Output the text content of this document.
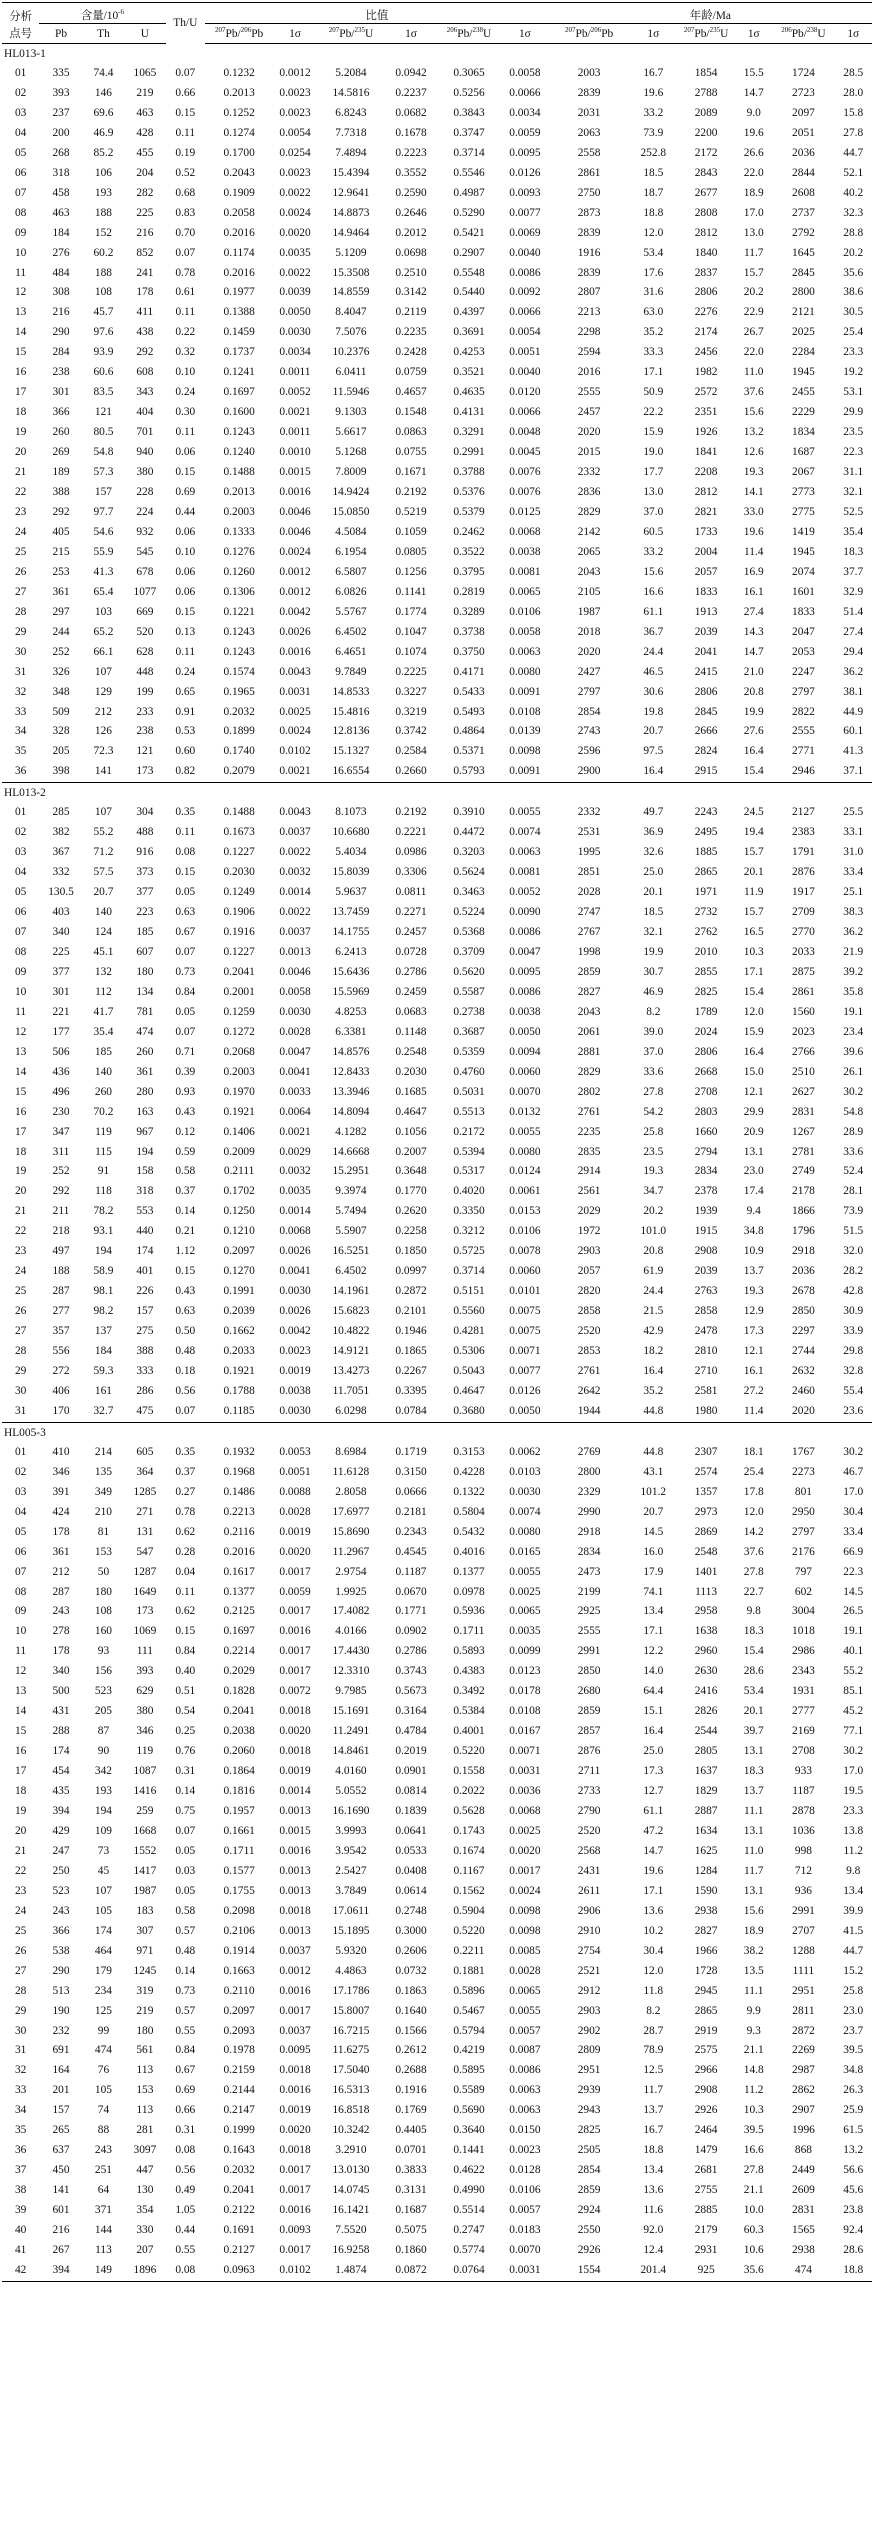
分析	含量$/10^{-6}$			Th/U	比值						年龄/Ma					
点号	Pb	Th	U		$^{207}$Pb/$^{206}$Pb	1σ	$^{207}$Pb/$^{235}$U	1σ	$^{206}$Pb/$^{238}$U	1σ	$^{207}$Pb/$^{206}$Pb	1σ	$^{207}$Pb/$^{235}$U	1σ	$^{206}$Pb/$^{238}$U	1σ
HL013-1																
01	335	74.4	1065	0.07	0.1232	0.0012	5.2084	0.0942	0.3065	0.0058	2003	16.7	1854	15.5	1724	28.5
02	393	146	219	0.66	0.2013	0.0023	14.5816	0.2237	0.5256	0.0066	2839	19.6	2788	14.7	2723	28.0
03	237	69.6	463	0.15	0.1252	0.0023	6.8243	0.0682	0.3843	0.0034	2031	33.2	2089	9.0	2097	15.8
04	200	46.9	428	0.11	0.1274	0.0054	7.7318	0.1678	0.3747	0.0059	2063	73.9	2200	19.6	2051	27.8
05	268	85.2	455	0.19	0.1700	0.0254	7.4894	0.2223	0.3714	0.0095	2558	252.8	2172	26.6	2036	44.7
06	318	106	204	0.52	0.2043	0.0023	15.4394	0.3552	0.5546	0.0126	2861	18.5	2843	22.0	2844	52.1
07	458	193	282	0.68	0.1909	0.0022	12.9641	0.2590	0.4987	0.0093	2750	18.7	2677	18.9	2608	40.2
08	463	188	225	0.83	0.2058	0.0024	14.8873	0.2646	0.5290	0.0077	2873	18.8	2808	17.0	2737	32.3
09	184	152	216	0.70	0.2016	0.0020	14.9464	0.2012	0.5421	0.0069	2839	12.0	2812	13.0	2792	28.8
10	276	60.2	852	0.07	0.1174	0.0035	5.1209	0.0698	0.2907	0.0040	1916	53.4	1840	11.7	1645	20.2
11	484	188	241	0.78	0.2016	0.0022	15.3508	0.2510	0.5548	0.0086	2839	17.6	2837	15.7	2845	35.6
12	308	108	178	0.61	0.1977	0.0039	14.8559	0.3142	0.5440	0.0092	2807	31.6	2806	20.2	2800	38.6
13	216	45.7	411	0.11	0.1388	0.0050	8.4047	0.2119	0.4397	0.0066	2213	63.0	2276	22.9	2121	30.5
14	290	97.6	438	0.22	0.1459	0.0030	7.5076	0.2235	0.3691	0.0054	2298	35.2	2174	26.7	2025	25.4
15	284	93.9	292	0.32	0.1737	0.0034	10.2376	0.2428	0.4253	0.0051	2594	33.3	2456	22.0	2284	23.3
16	238	60.6	608	0.10	0.1241	0.0011	6.0411	0.0759	0.3521	0.0040	2016	17.1	1982	11.0	1945	19.2
17	301	83.5	343	0.24	0.1697	0.0052	11.5946	0.4657	0.4635	0.0120	2555	50.9	2572	37.6	2455	53.1
18	366	121	404	0.30	0.1600	0.0021	9.1303	0.1548	0.4131	0.0066	2457	22.2	2351	15.6	2229	29.9
19	260	80.5	701	0.11	0.1243	0.0011	5.6617	0.0863	0.3291	0.0048	2020	15.9	1926	13.2	1834	23.5
20	269	54.8	940	0.06	0.1240	0.0010	5.1268	0.0755	0.2991	0.0045	2015	19.0	1841	12.6	1687	22.3
21	189	57.3	380	0.15	0.1488	0.0015	7.8009	0.1671	0.3788	0.0076	2332	17.7	2208	19.3	2067	31.1
22	388	157	228	0.69	0.2013	0.0016	14.9424	0.2192	0.5376	0.0076	2836	13.0	2812	14.1	2773	32.1
23	292	97.7	224	0.44	0.2003	0.0046	15.0850	0.5219	0.5379	0.0125	2829	37.0	2821	33.0	2775	52.5
24	405	54.6	932	0.06	0.1333	0.0046	4.5084	0.1059	0.2462	0.0068	2142	60.5	1733	19.6	1419	35.4
25	215	55.9	545	0.10	0.1276	0.0024	6.1954	0.0805	0.3522	0.0038	2065	33.2	2004	11.4	1945	18.3
26	253	41.3	678	0.06	0.1260	0.0012	6.5807	0.1256	0.3795	0.0081	2043	15.6	2057	16.9	2074	37.7
27	361	65.4	1077	0.06	0.1306	0.0012	6.0826	0.1141	0.2819	0.0065	2105	16.6	1833	16.1	1601	32.9
28	297	103	669	0.15	0.1221	0.0042	5.5767	0.1774	0.3289	0.0106	1987	61.1	1913	27.4	1833	51.4
29	244	65.2	520	0.13	0.1243	0.0026	6.4502	0.1047	0.3738	0.0058	2018	36.7	2039	14.3	2047	27.4
30	252	66.1	628	0.11	0.1243	0.0016	6.4651	0.1074	0.3750	0.0063	2020	24.4	2041	14.7	2053	29.4
31	326	107	448	0.24	0.1574	0.0043	9.7849	0.2225	0.4171	0.0080	2427	46.5	2415	21.0	2247	36.2
32	348	129	199	0.65	0.1965	0.0031	14.8533	0.3227	0.5433	0.0091	2797	30.6	2806	20.8	2797	38.1
33	509	212	233	0.91	0.2032	0.0025	15.4816	0.3219	0.5493	0.0108	2854	19.8	2845	19.9	2822	44.9
34	328	126	238	0.53	0.1899	0.0024	12.8136	0.3742	0.4864	0.0139	2743	20.7	2666	27.6	2555	60.1
35	205	72.3	121	0.60	0.1740	0.0102	15.1327	0.2584	0.5371	0.0098	2596	97.5	2824	16.4	2771	41.3
36	398	141	173	0.82	0.2079	0.0021	16.6554	0.2660	0.5793	0.0091	2900	16.4	2915	15.4	2946	37.1
HL013-2																
01	285	107	304	0.35	0.1488	0.0043	8.1073	0.2192	0.3910	0.0055	2332	49.7	2243	24.5	2127	25.5
02	382	55.2	488	0.11	0.1673	0.0037	10.6680	0.2221	0.4472	0.0074	2531	36.9	2495	19.4	2383	33.1
03	367	71.2	916	0.08	0.1227	0.0022	5.4034	0.0986	0.3203	0.0063	1995	32.6	1885	15.7	1791	31.0
04	332	57.5	373	0.15	0.2030	0.0032	15.8039	0.3306	0.5624	0.0081	2851	25.0	2865	20.1	2876	33.4
05	130.5	20.7	377	0.05	0.1249	0.0014	5.9637	0.0811	0.3463	0.0052	2028	20.1	1971	11.9	1917	25.1
06	403	140	223	0.63	0.1906	0.0022	13.7459	0.2271	0.5224	0.0090	2747	18.5	2732	15.7	2709	38.3
07	340	124	185	0.67	0.1916	0.0037	14.1755	0.2457	0.5368	0.0086	2767	32.1	2762	16.5	2770	36.2
08	225	45.1	607	0.07	0.1227	0.0013	6.2413	0.0728	0.3709	0.0047	1998	19.9	2010	10.3	2033	21.9
09	377	132	180	0.73	0.2041	0.0046	15.6436	0.2786	0.5620	0.0095	2859	30.7	2855	17.1	2875	39.2
10	301	112	134	0.84	0.2001	0.0058	15.5969	0.2459	0.5587	0.0086	2827	46.9	2825	15.4	2861	35.8
11	221	41.7	781	0.05	0.1259	0.0030	4.8253	0.0683	0.2738	0.0038	2043	8.2	1789	12.0	1560	19.1
12	177	35.4	474	0.07	0.1272	0.0028	6.3381	0.1148	0.3687	0.0050	2061	39.0	2024	15.9	2023	23.4
13	506	185	260	0.71	0.2068	0.0047	14.8576	0.2548	0.5359	0.0094	2881	37.0	2806	16.4	2766	39.6
14	436	140	361	0.39	0.2003	0.0041	12.8433	0.2030	0.4760	0.0060	2829	33.6	2668	15.0	2510	26.1
15	496	260	280	0.93	0.1970	0.0033	13.3946	0.1685	0.5031	0.0070	2802	27.8	2708	12.1	2627	30.2
16	230	70.2	163	0.43	0.1921	0.0064	14.8094	0.4647	0.5513	0.0132	2761	54.2	2803	29.9	2831	54.8
17	347	119	967	0.12	0.1406	0.0021	4.1282	0.1056	0.2172	0.0055	2235	25.8	1660	20.9	1267	28.9
18	311	115	194	0.59	0.2009	0.0029	14.6668	0.2007	0.5394	0.0080	2835	23.5	2794	13.1	2781	33.6
19	252	91	158	0.58	0.2111	0.0032	15.2951	0.3648	0.5317	0.0124	2914	19.3	2834	23.0	2749	52.4
20	292	118	318	0.37	0.1702	0.0035	9.3974	0.1770	0.4020	0.0061	2561	34.7	2378	17.4	2178	28.1
21	211	78.2	553	0.14	0.1250	0.0014	5.7494	0.2620	0.3350	0.0153	2029	20.2	1939	9.4	1866	73.9
22	218	93.1	440	0.21	0.1210	0.0068	5.5907	0.2258	0.3212	0.0106	1972	101.0	1915	34.8	1796	51.5
23	497	194	174	1.12	0.2097	0.0026	16.5251	0.1850	0.5725	0.0078	2903	20.8	2908	10.9	2918	32.0
24	188	58.9	401	0.15	0.1270	0.0041	6.4502	0.0997	0.3714	0.0060	2057	61.9	2039	13.7	2036	28.2
25	287	98.1	226	0.43	0.1991	0.0030	14.1961	0.2872	0.5151	0.0101	2820	24.4	2763	19.3	2678	42.8
26	277	98.2	157	0.63	0.2039	0.0026	15.6823	0.2101	0.5560	0.0075	2858	21.5	2858	12.9	2850	30.9
27	357	137	275	0.50	0.1662	0.0042	10.4822	0.1946	0.4281	0.0075	2520	42.9	2478	17.3	2297	33.9
28	556	184	388	0.48	0.2033	0.0023	14.9121	0.1865	0.5306	0.0071	2853	18.2	2810	12.1	2744	29.8
29	272	59.3	333	0.18	0.1921	0.0019	13.4273	0.2267	0.5043	0.0077	2761	16.4	2710	16.1	2632	32.8
30	406	161	286	0.56	0.1788	0.0038	11.7051	0.3395	0.4647	0.0126	2642	35.2	2581	27.2	2460	55.4
31	170	32.7	475	0.07	0.1185	0.0030	6.0298	0.0784	0.3680	0.0050	1944	44.8	1980	11.4	2020	23.6
HL005-3																
01	410	214	605	0.35	0.1932	0.0053	8.6984	0.1719	0.3153	0.0062	2769	44.8	2307	18.1	1767	30.2
02	346	135	364	0.37	0.1968	0.0051	11.6128	0.3150	0.4228	0.0103	2800	43.1	2574	25.4	2273	46.7
03	391	349	1285	0.27	0.1486	0.0088	2.8058	0.0666	0.1322	0.0030	2329	101.2	1357	17.8	801	17.0
04	424	210	271	0.78	0.2213	0.0028	17.6977	0.2181	0.5804	0.0074	2990	20.7	2973	12.0	2950	30.4
05	178	81	131	0.62	0.2116	0.0019	15.8690	0.2343	0.5432	0.0080	2918	14.5	2869	14.2	2797	33.4
06	361	153	547	0.28	0.2016	0.0020	11.2967	0.4545	0.4016	0.0165	2834	16.0	2548	37.6	2176	66.9
07	212	50	1287	0.04	0.1617	0.0017	2.9754	0.1187	0.1377	0.0055	2473	17.9	1401	27.8	797	22.3
08	287	180	1649	0.11	0.1377	0.0059	1.9925	0.0670	0.0978	0.0025	2199	74.1	1113	22.7	602	14.5
09	243	108	173	0.62	0.2125	0.0017	17.4082	0.1771	0.5936	0.0065	2925	13.4	2958	9.8	3004	26.5
10	278	160	1069	0.15	0.1697	0.0016	4.0166	0.0902	0.1711	0.0035	2555	17.1	1638	18.3	1018	19.1
11	178	93	111	0.84	0.2214	0.0017	17.4430	0.2786	0.5893	0.0099	2991	12.2	2960	15.4	2986	40.1
12	340	156	393	0.40	0.2029	0.0017	12.3310	0.3743	0.4383	0.0123	2850	14.0	2630	28.6	2343	55.2
13	500	523	629	0.51	0.1828	0.0072	9.7985	0.5673	0.3492	0.0178	2680	64.4	2416	53.4	1931	85.1
14	431	205	380	0.54	0.2041	0.0018	15.1691	0.3164	0.5384	0.0108	2859	15.1	2826	20.1	2777	45.2
15	288	87	346	0.25	0.2038	0.0020	11.2491	0.4784	0.4001	0.0167	2857	16.4	2544	39.7	2169	77.1
16	174	90	119	0.76	0.2060	0.0018	14.8461	0.2019	0.5220	0.0071	2876	25.0	2805	13.1	2708	30.2
17	454	342	1087	0.31	0.1864	0.0019	4.0160	0.0901	0.1558	0.0031	2711	17.3	1637	18.3	933	17.0
18	435	193	1416	0.14	0.1816	0.0014	5.0552	0.0814	0.2022	0.0036	2733	12.7	1829	13.7	1187	19.5
19	394	194	259	0.75	0.1957	0.0013	16.1690	0.1839	0.5628	0.0068	2790	61.1	2887	11.1	2878	23.3
20	429	109	1668	0.07	0.1661	0.0015	3.9993	0.0641	0.1743	0.0025	2520	47.2	1634	13.1	1036	13.8
21	247	73	1552	0.05	0.1711	0.0016	3.9542	0.0533	0.1674	0.0020	2568	14.7	1625	11.0	998	11.2
22	250	45	1417	0.03	0.1577	0.0013	2.5427	0.0408	0.1167	0.0017	2431	19.6	1284	11.7	712	9.8
23	523	107	1987	0.05	0.1755	0.0013	3.7849	0.0614	0.1562	0.0024	2611	17.1	1590	13.1	936	13.4
24	243	105	183	0.58	0.2098	0.0018	17.0611	0.2748	0.5904	0.0098	2906	13.6	2938	15.6	2991	39.9
25	366	174	307	0.57	0.2106	0.0013	15.1895	0.3000	0.5220	0.0098	2910	10.2	2827	18.9	2707	41.5
26	538	464	971	0.48	0.1914	0.0037	5.9320	0.2606	0.2211	0.0085	2754	30.4	1966	38.2	1288	44.7
27	290	179	1245	0.14	0.1663	0.0012	4.4863	0.0732	0.1881	0.0028	2521	12.0	1728	13.5	1111	15.2
28	513	234	319	0.73	0.2110	0.0016	17.1786	0.1863	0.5896	0.0065	2912	11.8	2945	11.1	2951	25.8
29	190	125	219	0.57	0.2097	0.0017	15.8007	0.1640	0.5467	0.0055	2903	8.2	2865	9.9	2811	23.0
30	232	99	180	0.55	0.2093	0.0037	16.7215	0.1566	0.5794	0.0057	2902	28.7	2919	9.3	2872	23.7
31	691	474	561	0.84	0.1978	0.0095	11.6275	0.2612	0.4219	0.0087	2809	78.9	2575	21.1	2269	39.5
32	164	76	113	0.67	0.2159	0.0018	17.5040	0.2688	0.5895	0.0086	2951	12.5	2966	14.8	2987	34.8
33	201	105	153	0.69	0.2144	0.0016	16.5313	0.1916	0.5589	0.0063	2939	11.7	2908	11.2	2862	26.3
34	157	74	113	0.66	0.2147	0.0019	16.8518	0.1769	0.5690	0.0063	2943	13.7	2926	10.3	2907	25.9
35	265	88	281	0.31	0.1999	0.0020	10.3242	0.4405	0.3640	0.0150	2825	16.7	2464	39.5	1996	61.5
36	637	243	3097	0.08	0.1643	0.0018	3.2910	0.0701	0.1441	0.0023	2505	18.8	1479	16.6	868	13.2
37	450	251	447	0.56	0.2032	0.0017	13.0130	0.3833	0.4622	0.0128	2854	13.4	2681	27.8	2449	56.6
38	141	64	130	0.49	0.2041	0.0017	14.0745	0.3131	0.4990	0.0106	2859	13.6	2755	21.1	2609	45.6
39	601	371	354	1.05	0.2122	0.0016	16.1421	0.1687	0.5514	0.0057	2924	11.6	2885	10.0	2831	23.8
40	216	144	330	0.44	0.1691	0.0093	7.5520	0.5075	0.2747	0.0183	2550	92.0	2179	60.3	1565	92.4
41	267	113	207	0.55	0.2127	0.0017	16.9258	0.1860	0.5774	0.0070	2926	12.4	2931	10.6	2938	28.6
42	394	149	1896	0.08	0.0963	0.0102	1.4874	0.0872	0.0764	0.0031	1554	201.4	925	35.6	474	18.8
